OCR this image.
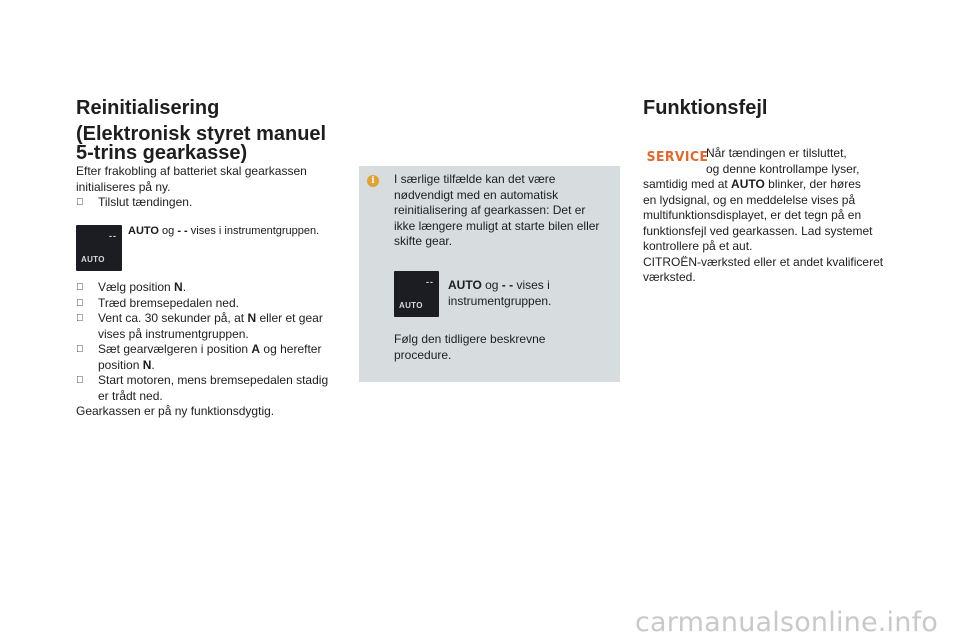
Reinitialisering
(Elektronisk styret manuel
5-trins gearkasse)
Efter frakobling af batteriet skal gearkassen
initialiseres på ny.
Tilslut tændingen.
AUTO og - - vises i instrumentgruppen.
--
AUTO
Vælg position N.
Træd bremsepedalen ned.
Vent ca. 30 sekunder på, at N eller et gear
vises på instrumentgruppen.
Sæt gearvælgeren i position A og herefter
position N.
Start motoren, mens bremsepedalen stadig
er trådt ned.
Gearkassen er på ny funktionsdygtig.
i	I særlige tilfælde kan det være
nødvendigt med en automatisk
reinitialisering af gearkassen: Det er
ikke længere muligt at starte bilen eller
skifte gear.
--
AUTO
AUTO og - - vises i
instrumentgruppen.
Følg den tidligere beskrevne
procedure.
Funktionsfejl
SERVICE
Når tændingen er tilsluttet,
og denne kontrollampe lyser,
samtidig med at AUTO blinker, der høres
en lydsignal, og en meddelelse vises på
multifunktionsdisplayet, er det tegn på en
funktionsfejl ved gearkassen. Lad systemet
kontrollere på et aut.
CITROËN-værksted eller et andet kvalificeret
værksted.
carmanualsonline.info
